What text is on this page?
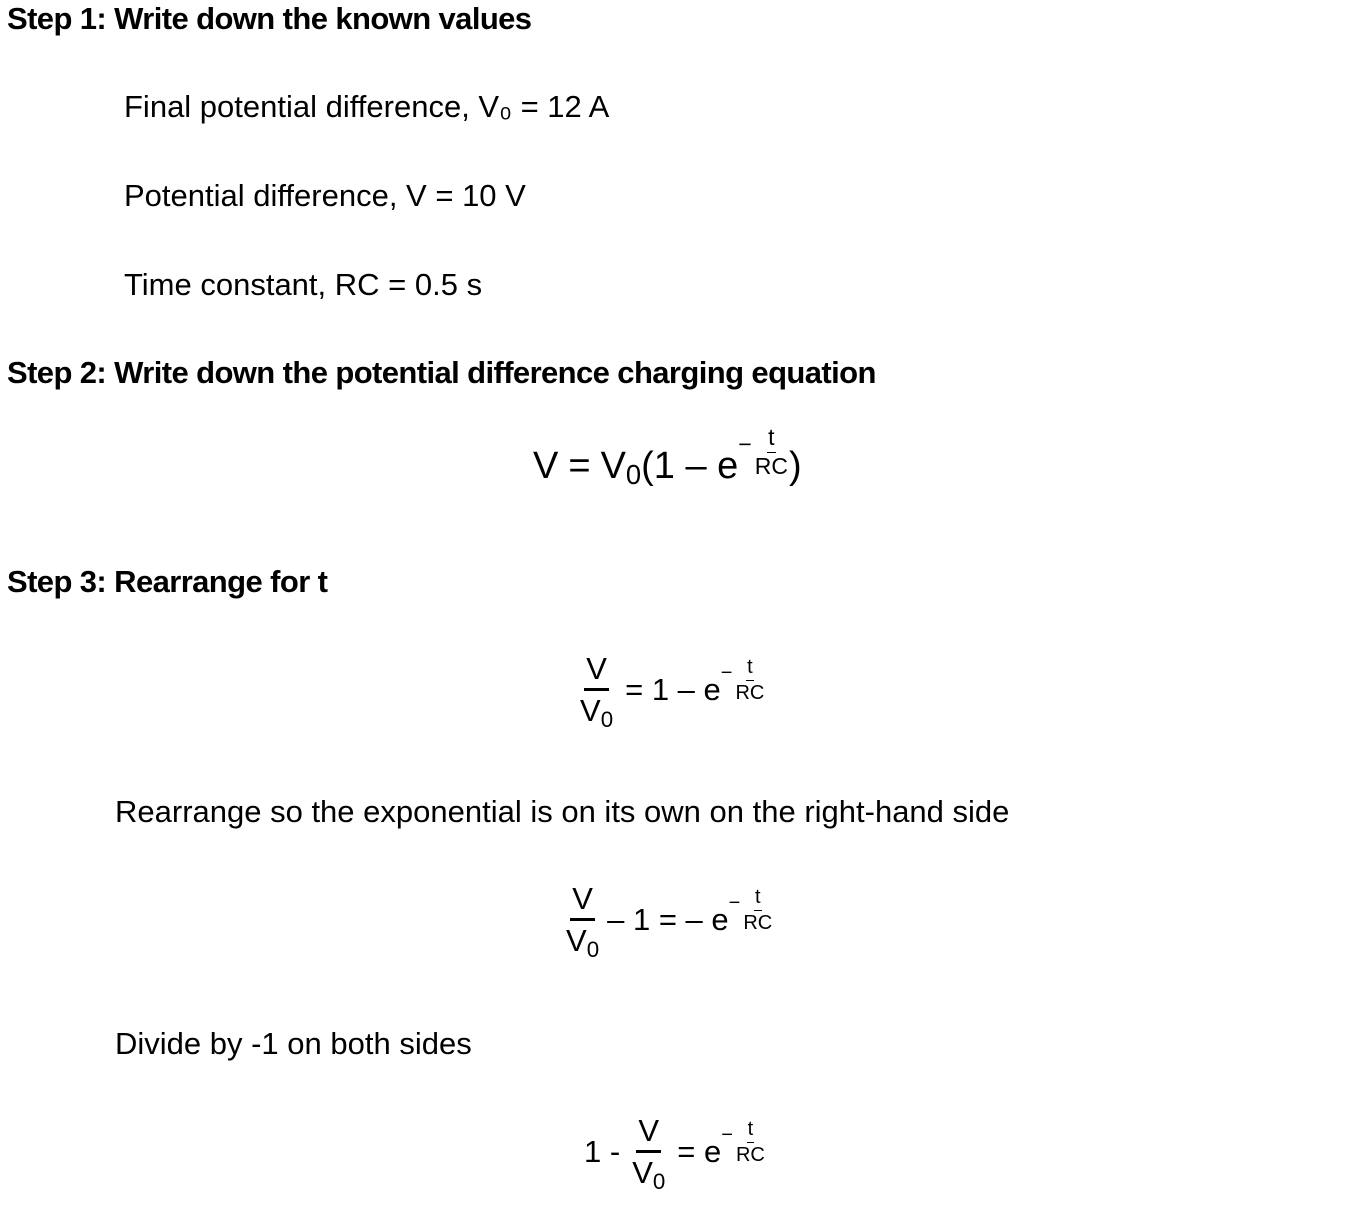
Step 1: Write down the known values

Final potential difference, V₀ = 12 A

Potential difference, V = 10 V

Time constant, RC = 0.5 s

Step 2: Write down the potential difference charging equation
V = V0 (1 – e
− $\frac{t}{RC}$ )
Step 3: Rearrange for t
$\frac{V}{V0} = 1 - e - \frac{t}{RC}$

Rearrange so the exponential is on its own on the right-hand side

$\frac{V}{V0} - 1$ = – $e - \frac{t}{RC}$

Divide by -1 on both sides

$1 - \frac{V}{V0} = e - \frac{t}{RC}$
